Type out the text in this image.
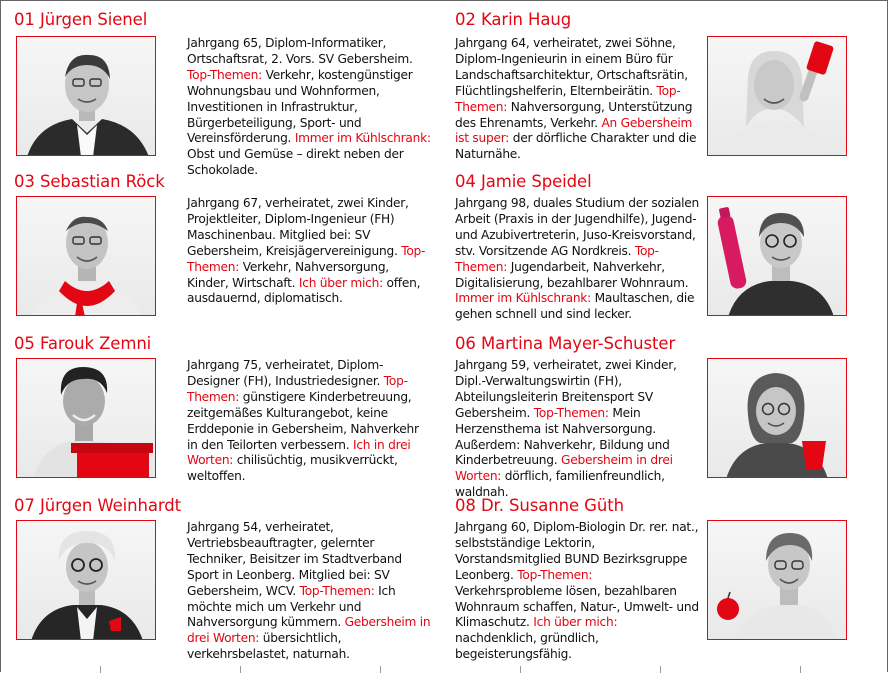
01 Jürgen Sienel

Jahrgang 65, Diplom-Informatiker, Ortschaftsrat, 2. Vors. SV Gebersheim. Top-Themen: Verkehr, kostengünstiger Wohnungsbau und Wohnformen, Investitionen in Infrastruktur, Bürgerbeteiligung, Sport- und Vereinsförderung. Immer im Kühlschrank: Obst und Gemüse – direkt neben der Schokolade.

02 Karin Haug

Jahrgang 64, verheiratet, zwei Söhne, Diplom-Ingenieurin in einem Büro für Landschaftsarchitektur, Ortschaftsrätin, Flüchtlingshelferin, Elternbeirätin. Top-Themen: Nahversorgung, Unterstützung des Ehrenamts, Verkehr. An Gebersheim ist super: der dörfliche Charakter und die Naturnähe.

03 Sebastian Röck

Jahrgang 67, verheiratet, zwei Kinder, Projektleiter, Diplom-Ingenieur (FH) Maschinenbau. Mitglied bei: SV Gebersheim, Kreisjägervereinigung. Top-Themen: Verkehr, Nahversorgung, Kinder, Wirtschaft. Ich über mich: offen, ausdauernd, diplomatisch.

04 Jamie Speidel

Jahrgang 98, duales Studium der sozialen Arbeit (Praxis in der Jugendhilfe), Jugend- und Azubivertreterin, Juso-Kreisvorstand, stv. Vorsitzende AG Nordkreis. Top-Themen: Jugendarbeit, Nahverkehr, Digitalisierung, bezahlbarer Wohnraum. Immer im Kühlschrank: Maultaschen, die gehen schnell und sind lecker.

05 Farouk Zemni

Jahrgang 75, verheiratet, Diplom-Designer (FH), Industriedesigner. Top-Themen: günstigere Kinderbetreuung, zeitgemäßes Kulturangebot, keine Erddeponie in Gebersheim, Nahverkehr in den Teilorten verbessern. Ich in drei Worten: chilisüchtig, musikverrückt, weltoffen.

06 Martina Mayer-Schuster

Jahrgang 59, verheiratet, zwei Kinder, Dipl.-Verwaltungswirtin (FH), Abteilungsleiterin Breitensport SV Gebersheim. Top-Themen: Mein Herzensthema ist Nahversorgung. Außerdem: Nahverkehr, Bildung und Kinderbetreuung. Gebersheim in drei Worten: dörflich, familienfreundlich, waldnah.

07 Jürgen Weinhardt

Jahrgang 54, verheiratet, Vertriebsbeauftragter, gelernter Techniker, Beisitzer im Stadtverband Sport in Leonberg. Mitglied bei: SV Gebersheim, WCV. Top-Themen: Ich möchte mich um Verkehr und Nahversorgung kümmern. Gebersheim in drei Worten: übersichtlich, verkehrsbelastet, naturnah.

08 Dr. Susanne Güth

Jahrgang 60, Diplom-Biologin Dr. rer. nat., selbstständige Lektorin, Vorstandsmitglied BUND Bezirksgruppe Leonberg. Top-Themen: Verkehrsprobleme lösen, bezahlbaren Wohnraum schaffen, Natur-, Umwelt- und Klimaschutz. Ich über mich: nachdenklich, gründlich, begeisterungsfähig.
